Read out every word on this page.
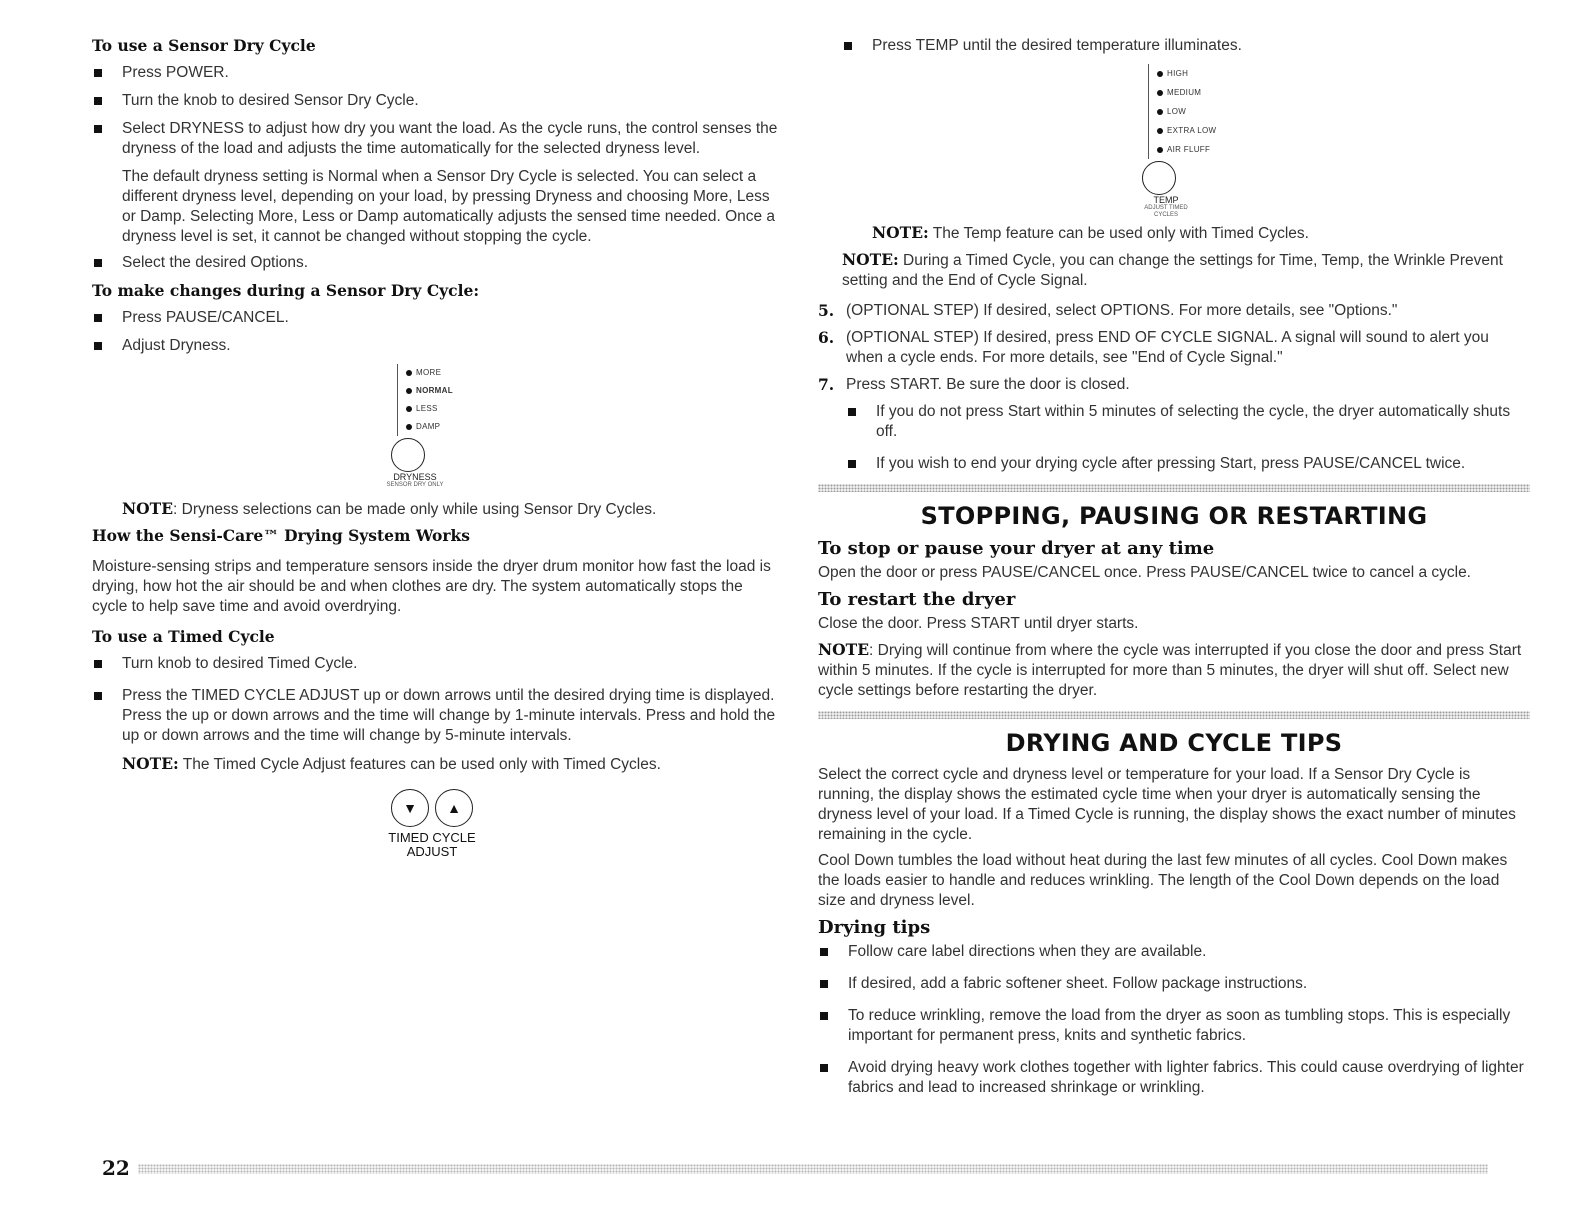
To use a Sensor Dry Cycle
Press POWER.
Turn the knob to desired Sensor Dry Cycle.
Select DRYNESS to adjust how dry you want the load. As the cycle runs, the control senses the dryness of the load and adjusts the time automatically for the selected dryness level.
The default dryness setting is Normal when a Sensor Dry Cycle is selected. You can select a different dryness level, depending on your load, by pressing Dryness and choosing More, Less or Damp. Selecting More, Less or Damp automatically adjusts the sensed time needed. Once a dryness level is set, it cannot be changed without stopping the cycle.
Select the desired Options.
To make changes during a Sensor Dry Cycle:
Press PAUSE/CANCEL.
Adjust Dryness.
MORE
NORMAL
LESS
DAMP
DRYNESS
SENSOR DRY ONLY
NOTE: Dryness selections can be made only while using Sensor Dry Cycles.
How the Sensi-Care™ Drying System Works
Moisture-sensing strips and temperature sensors inside the dryer drum monitor how fast the load is drying, how hot the air should be and when clothes are dry. The system automatically stops the cycle to help save time and avoid overdrying.
To use a Timed Cycle
Turn knob to desired Timed Cycle.
Press the TIMED CYCLE ADJUST up or down arrows until the desired drying time is displayed. Press the up or down arrows and the time will change by 1-minute intervals. Press and hold the up or down arrows and the time will change by 5-minute intervals.
NOTE: The Timed Cycle Adjust features can be used only with Timed Cycles.
▼	▲
TIMED CYCLE
ADJUST
Press TEMP until the desired temperature illuminates.
HIGH
MEDIUM
LOW
EXTRA LOW
AIR FLUFF
TEMP
ADJUST TIMED CYCLES
NOTE: The Temp feature can be used only with Timed Cycles.
NOTE: During a Timed Cycle, you can change the settings for Time, Temp, the Wrinkle Prevent setting and the End of Cycle Signal.
5. (OPTIONAL STEP) If desired, select OPTIONS. For more details, see "Options."
6. (OPTIONAL STEP) If desired, press END OF CYCLE SIGNAL. A signal will sound to alert you when a cycle ends. For more details, see "End of Cycle Signal."
7. Press START. Be sure the door is closed.
If you do not press Start within 5 minutes of selecting the cycle, the dryer automatically shuts off.
If you wish to end your drying cycle after pressing Start, press PAUSE/CANCEL twice.
STOPPING, PAUSING OR RESTARTING
To stop or pause your dryer at any time
Open the door or press PAUSE/CANCEL once. Press PAUSE/CANCEL twice to cancel a cycle.
To restart the dryer
Close the door. Press START until dryer starts.
NOTE: Drying will continue from where the cycle was interrupted if you close the door and press Start within 5 minutes. If the cycle is interrupted for more than 5 minutes, the dryer will shut off. Select new cycle settings before restarting the dryer.
DRYING AND CYCLE TIPS
Select the correct cycle and dryness level or temperature for your load. If a Sensor Dry Cycle is running, the display shows the estimated cycle time when your dryer is automatically sensing the dryness level of your load. If a Timed Cycle is running, the display shows the exact number of minutes remaining in the cycle.
Cool Down tumbles the load without heat during the last few minutes of all cycles. Cool Down makes the loads easier to handle and reduces wrinkling. The length of the Cool Down depends on the load size and dryness level.
Drying tips
Follow care label directions when they are available.
If desired, add a fabric softener sheet. Follow package instructions.
To reduce wrinkling, remove the load from the dryer as soon as tumbling stops. This is especially important for permanent press, knits and synthetic fabrics.
Avoid drying heavy work clothes together with lighter fabrics. This could cause overdrying of lighter fabrics and lead to increased shrinkage or wrinkling.
22
